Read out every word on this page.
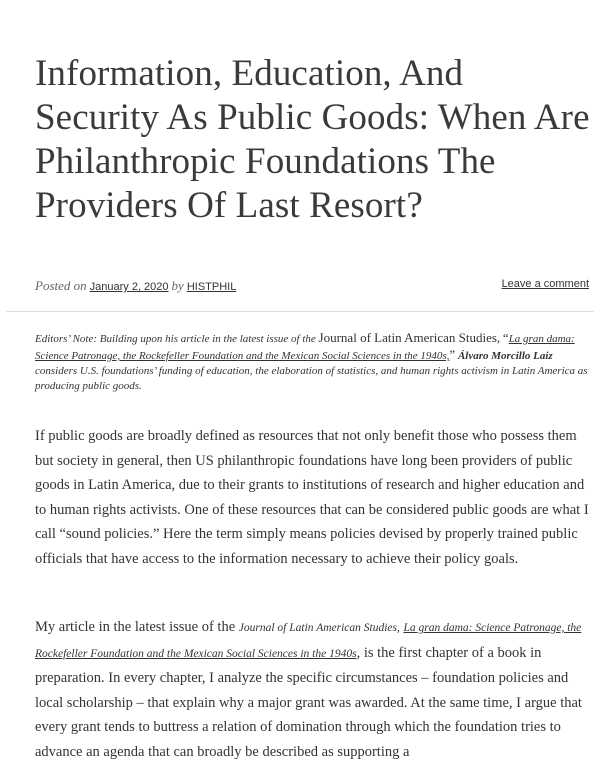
Information, Education, And Security As Public Goods: When Are Philanthropic Foundations The Providers Of Last Resort?
Posted on January 2, 2020 by HISTPHIL	Leave a comment
Editors’ Note: Building upon his article in the latest issue of the Journal of Latin American Studies, “La gran dama: Science Patronage, the Rockefeller Foundation and the Mexican Social Sciences in the 1940s,” Álvaro Morcillo Laiz considers U.S. foundations’ funding of education, the elaboration of statistics, and human rights activism in Latin America as producing public goods.

If public goods are broadly defined as resources that not only benefit those who possess them but society in general, then US philanthropic foundations have long been providers of public goods in Latin America, due to their grants to institutions of research and higher education and to human rights activists. One of these resources that can be considered public goods are what I call “sound policies.” Here the term simply means policies devised by properly trained public officials that have access to the information necessary to achieve their policy goals.

My article in the latest issue of the Journal of Latin American Studies, La gran dama: Science Patronage, the Rockefeller Foundation and the Mexican Social Sciences in the 1940s, is the first chapter of a book in preparation. In every chapter, I analyze the specific circumstances – foundation policies and local scholarship – that explain why a major grant was awarded. At the same time, I argue that every grant tends to buttress a relation of domination through which the foundation tries to advance an agenda that can broadly be described as supporting a
